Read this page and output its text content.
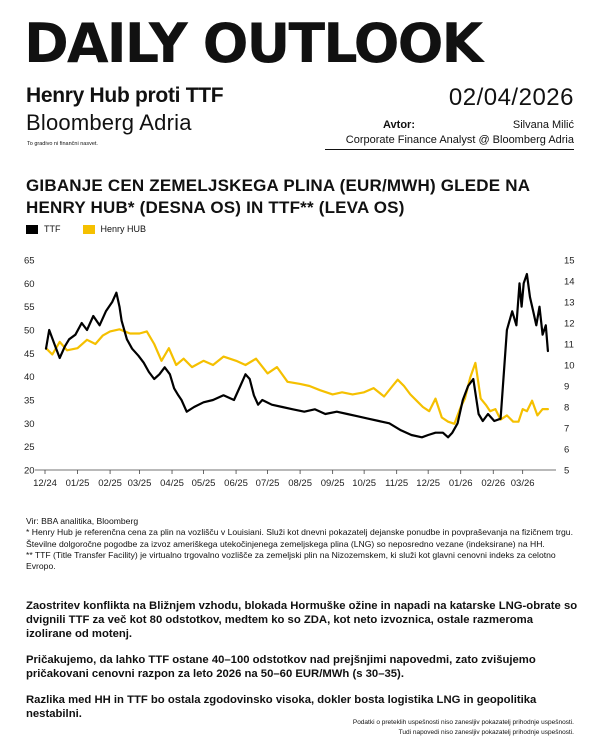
DAILY OUTLOOK
Henry Hub proti TTF	02/04/2026
Bloomberg Adria
To gradivo ni finančni nasvet.
Avtor:	Silvana Milić
Corporate Finance Analyst @ Bloomberg Adria
GIBANJE CEN ZEMELJSKEGA PLINA (EUR/MWH) GLEDE NA HENRY HUB* (DESNA OS) IN TTF** (LEVA OS)
TTF	Henry HUB
20
25
30
35
40
45
50
55
60
65
5
6
7
8
9
10
11
12
13
14
15
12/24 01/25 02/25 03/25 04/25 05/25 06/25 07/25 08/25 09/25 10/25 11/25 12/25 01/26 02/26 03/26
Vir: BBA analitika, Bloomberg
* Henry Hub je referenčna cena za plin na vozlišču v Louisiani. Služi kot dnevni pokazatelj dejanske ponudbe in povpraševanja na fizičnem trgu. Številne dolgoročne pogodbe za izvoz ameriškega utekočinjenega zemeljskega plina (LNG) so neposredno vezane (indeksirane) na HH.
** TTF (Title Transfer Facility) je virtualno trgovalno vozlišče za zemeljski plin na Nizozemskem, ki služi kot glavni cenovni indeks za celotno Evropo.

Zaostritev konflikta na Bližnjem vzhodu, blokada Hormuške ožine in napadi na katarske LNG-obrate so dvignili TTF za več kot 80 odstotkov, medtem ko so ZDA, kot neto izvoznica, ostale razmeroma izolirane od motenj.

Pričakujemo, da lahko TTF ostane 40–100 odstotkov nad prejšnjimi napovedmi, zato zvišujemo pričakovani cenovni razpon za leto 2026 na 50–60 EUR/MWh (s 30–35).

Razlika med HH in TTF bo ostala zgodovinsko visoka, dokler bosta logistika LNG in geopolitika nestabilni.

Podatki o preteklih uspešnosti niso zanesljiv pokazatelj prihodnje uspešnosti.
Tudi napovedi niso zanesljiv pokazatelj prihodnje uspešnosti.
